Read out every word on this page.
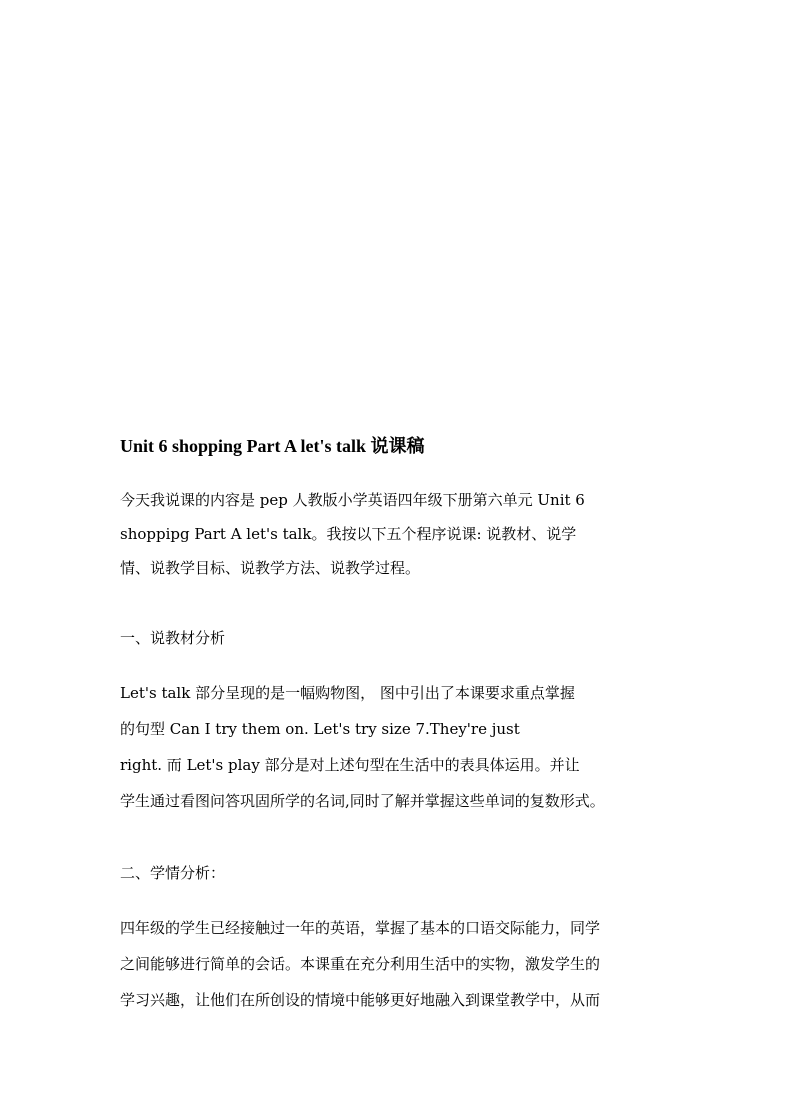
Unit 6 shopping Part A let's talk 说课稿

今天我说课的内容是 pep 人教版小学英语四年级下册第六单元 Unit 6
shoppipg Part A let's talk。我按以下五个程序说课: 说教材、说学
情、说教学目标、说教学方法、说教学过程。

一、说教材分析

Let's talk 部分呈现的是一幅购物图， 图中引出了本课要求重点掌握
的句型 Can I try them on. Let's try size 7.They're just
right. 而 Let's play 部分是对上述句型在生活中的表具体运用。并让
学生通过看图问答巩固所学的名词,同时了解并掌握这些单词的复数形式。

二、学情分析：

四年级的学生已经接触过一年的英语，掌握了基本的口语交际能力，同学
之间能够进行简单的会话。本课重在充分利用生活中的实物，激发学生的
学习兴趣，让他们在所创设的情境中能够更好地融入到课堂教学中，从而
